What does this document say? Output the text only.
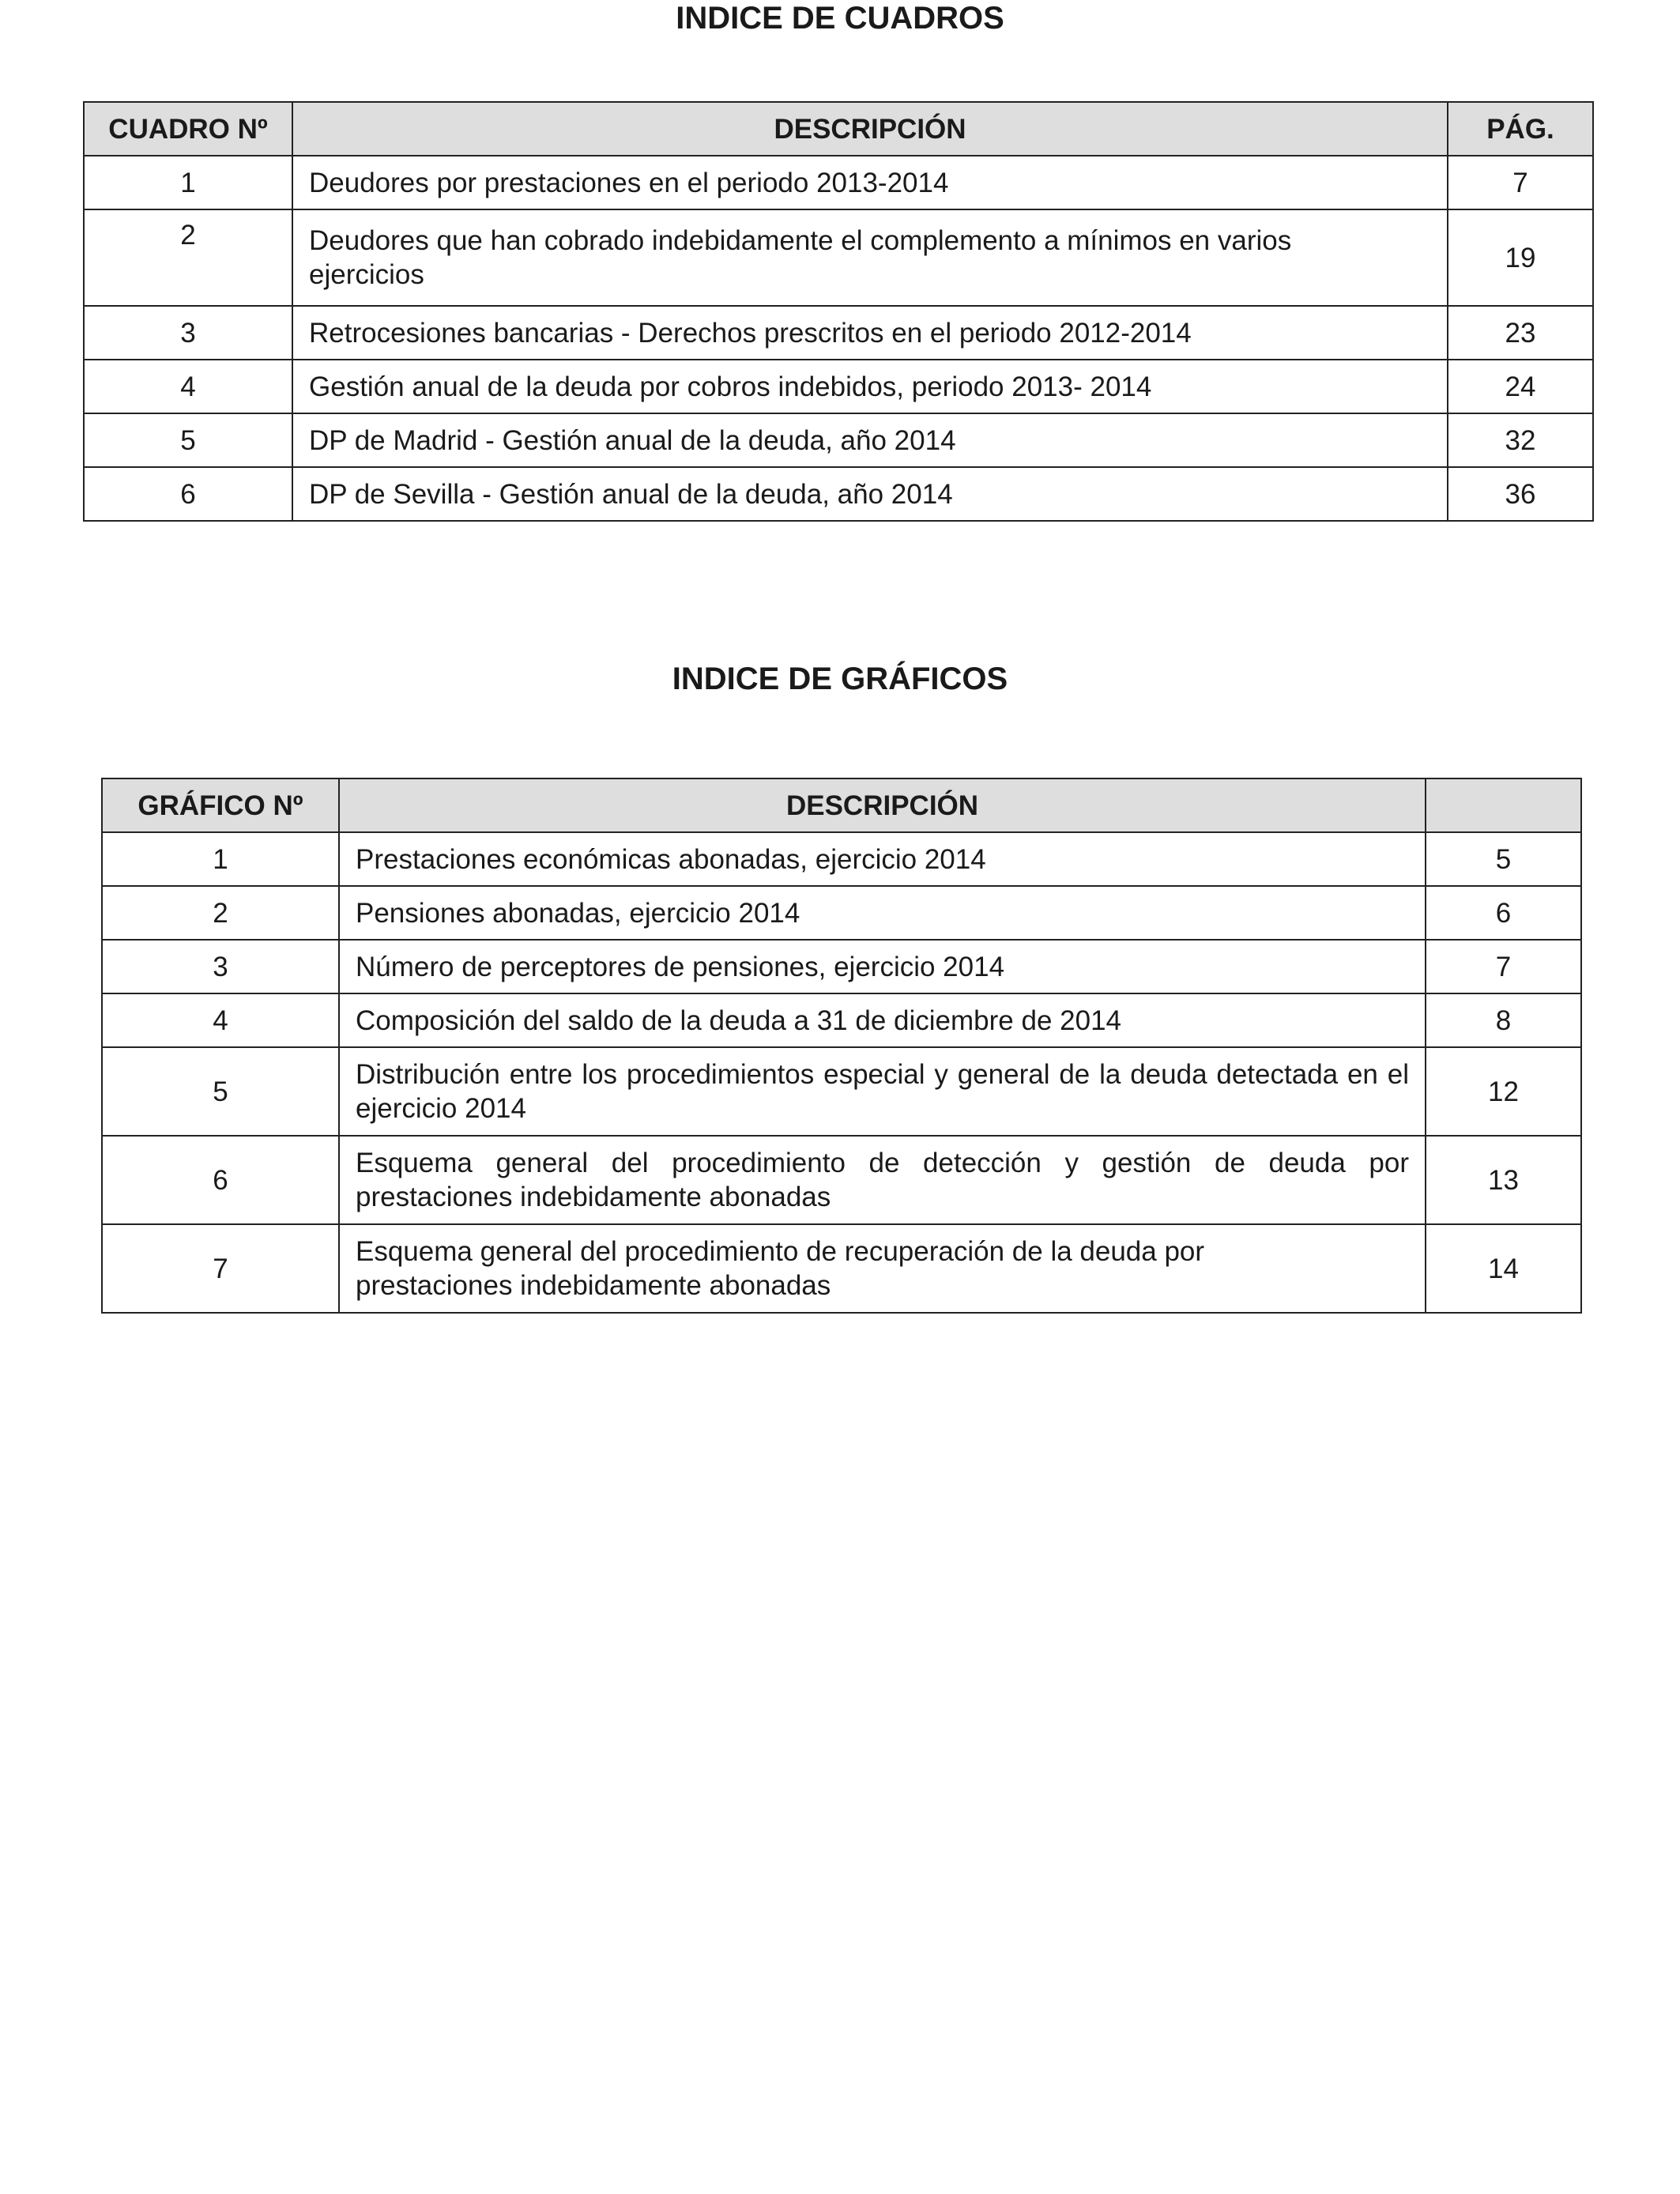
INDICE DE CUADROS
CUADRO Nº	DESCRIPCIÓN	PÁG.
1	Deudores por prestaciones en el periodo 2013-2014	7
2	Deudores que han cobrado indebidamente el complemento a mínimos en varios ejercicios	19
3	Retrocesiones bancarias - Derechos prescritos en el periodo 2012-2014	23
4	Gestión anual de la deuda por cobros indebidos, periodo 2013- 2014	24
5	DP de Madrid - Gestión anual de la deuda, año 2014	32
6	DP de Sevilla - Gestión anual de la deuda, año 2014	36
INDICE DE GRÁFICOS
GRÁFICO Nº	DESCRIPCIÓN	
1	Prestaciones económicas abonadas, ejercicio 2014	5
2	Pensiones abonadas, ejercicio 2014	6
3	Número de perceptores de pensiones, ejercicio 2014	7
4	Composición del saldo de la deuda a 31 de diciembre de 2014	8
5	Distribución entre los procedimientos especial y general de la deuda detectada en el ejercicio 2014	12
6	Esquema general del procedimiento de detección y gestión de deuda por prestaciones indebidamente abonadas	13
7	Esquema general del procedimiento de recuperación de la deuda por prestaciones indebidamente abonadas	14
